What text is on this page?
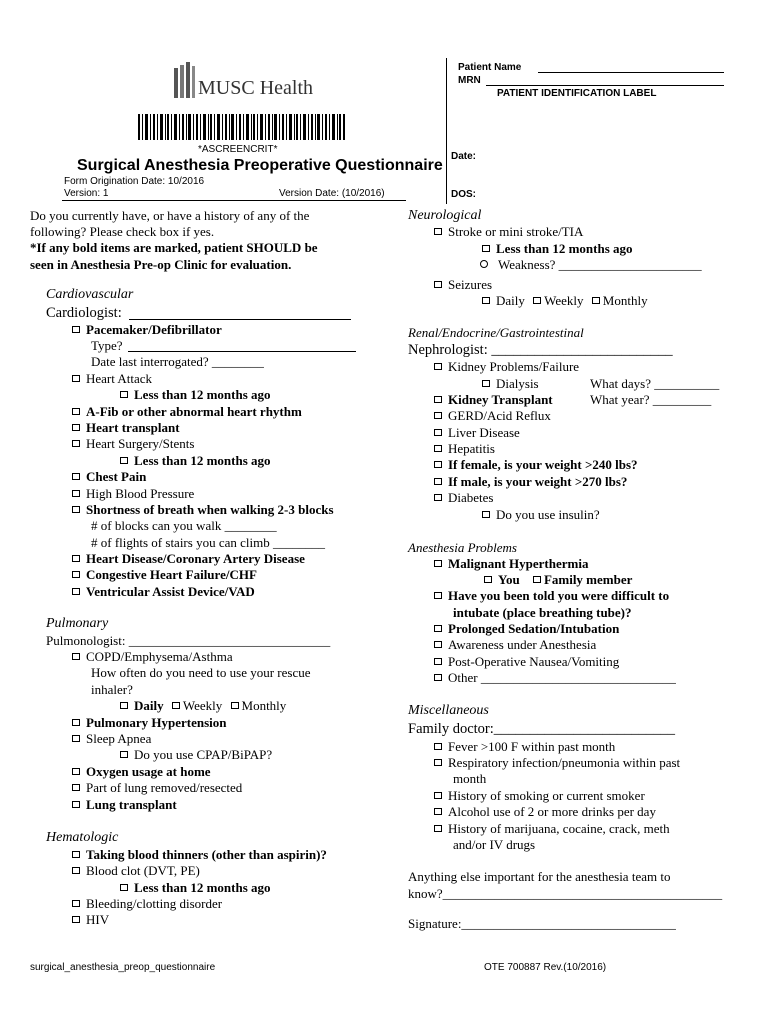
MUSC Health
*ASCREENCRIT*
Surgical Anesthesia Preoperative Questionnaire
Form Origination Date: 10/2016
Version: 1	Version Date: (10/2016)
Patient Name
MRN
PATIENT IDENTIFICATION LABEL
Date:
DOS:
Do you currently have, or have a history of any of the
following? Please check box if yes.
*If any bold items are marked, patient SHOULD be
seen in Anesthesia Pre-op Clinic for evaluation.
Cardiovascular
Cardiologist:
Pacemaker/Defibrillator
Type?
Date last interrogated? ________
Heart Attack
Less than 12 months ago
A-Fib or other abnormal heart rhythm
Heart transplant
Heart Surgery/Stents
Less than 12 months ago
Chest Pain
High Blood Pressure
Shortness of breath when walking 2-3 blocks
# of blocks can you walk ________
# of flights of stairs you can climb ________
Heart Disease/Coronary Artery Disease
Congestive Heart Failure/CHF
Ventricular Assist Device/VAD
Pulmonary
Pulmonologist: _______________________________
COPD/Emphysema/Asthma
How often do you need to use your rescue
inhaler?
Daily Weekly Monthly
Pulmonary Hypertension
Sleep Apnea
Do you use CPAP/BiPAP?
Oxygen usage at home
Part of lung removed/resected
Lung transplant
Hematologic
Taking blood thinners (other than aspirin)?
Blood clot (DVT, PE)
Less than 12 months ago
Bleeding/clotting disorder
HIV
Neurological
Stroke or mini stroke/TIA
Less than 12 months ago
Weakness? ______________________
Seizures
Daily Weekly Monthly
Renal/Endocrine/Gastrointestinal
Nephrologist: _________________________
Kidney Problems/Failure
Dialysis	What days? __________
Kidney Transplant	What year? _________
GERD/Acid Reflux
Liver Disease
Hepatitis
If female, is your weight >240 lbs?
If male, is your weight >270 lbs?
Diabetes
Do you use insulin?
Anesthesia Problems
Malignant Hyperthermia
You Family member
Have you been told you were difficult to
intubate (place breathing tube)?
Prolonged Sedation/Intubation
Awareness under Anesthesia
Post-Operative Nausea/Vomiting
Other ______________________________
Miscellaneous
Family doctor:_________________________
Fever >100 F within past month
Respiratory infection/pneumonia within past
month
History of smoking or current smoker
Alcohol use of 2 or more drinks per day
History of marijuana, cocaine, crack, meth
and/or IV drugs
Anything else important for the anesthesia team to
know?___________________________________________
Signature:_________________________________
surgical_anesthesia_preop_questionnaire	OTE 700887 Rev.(10/2016)
